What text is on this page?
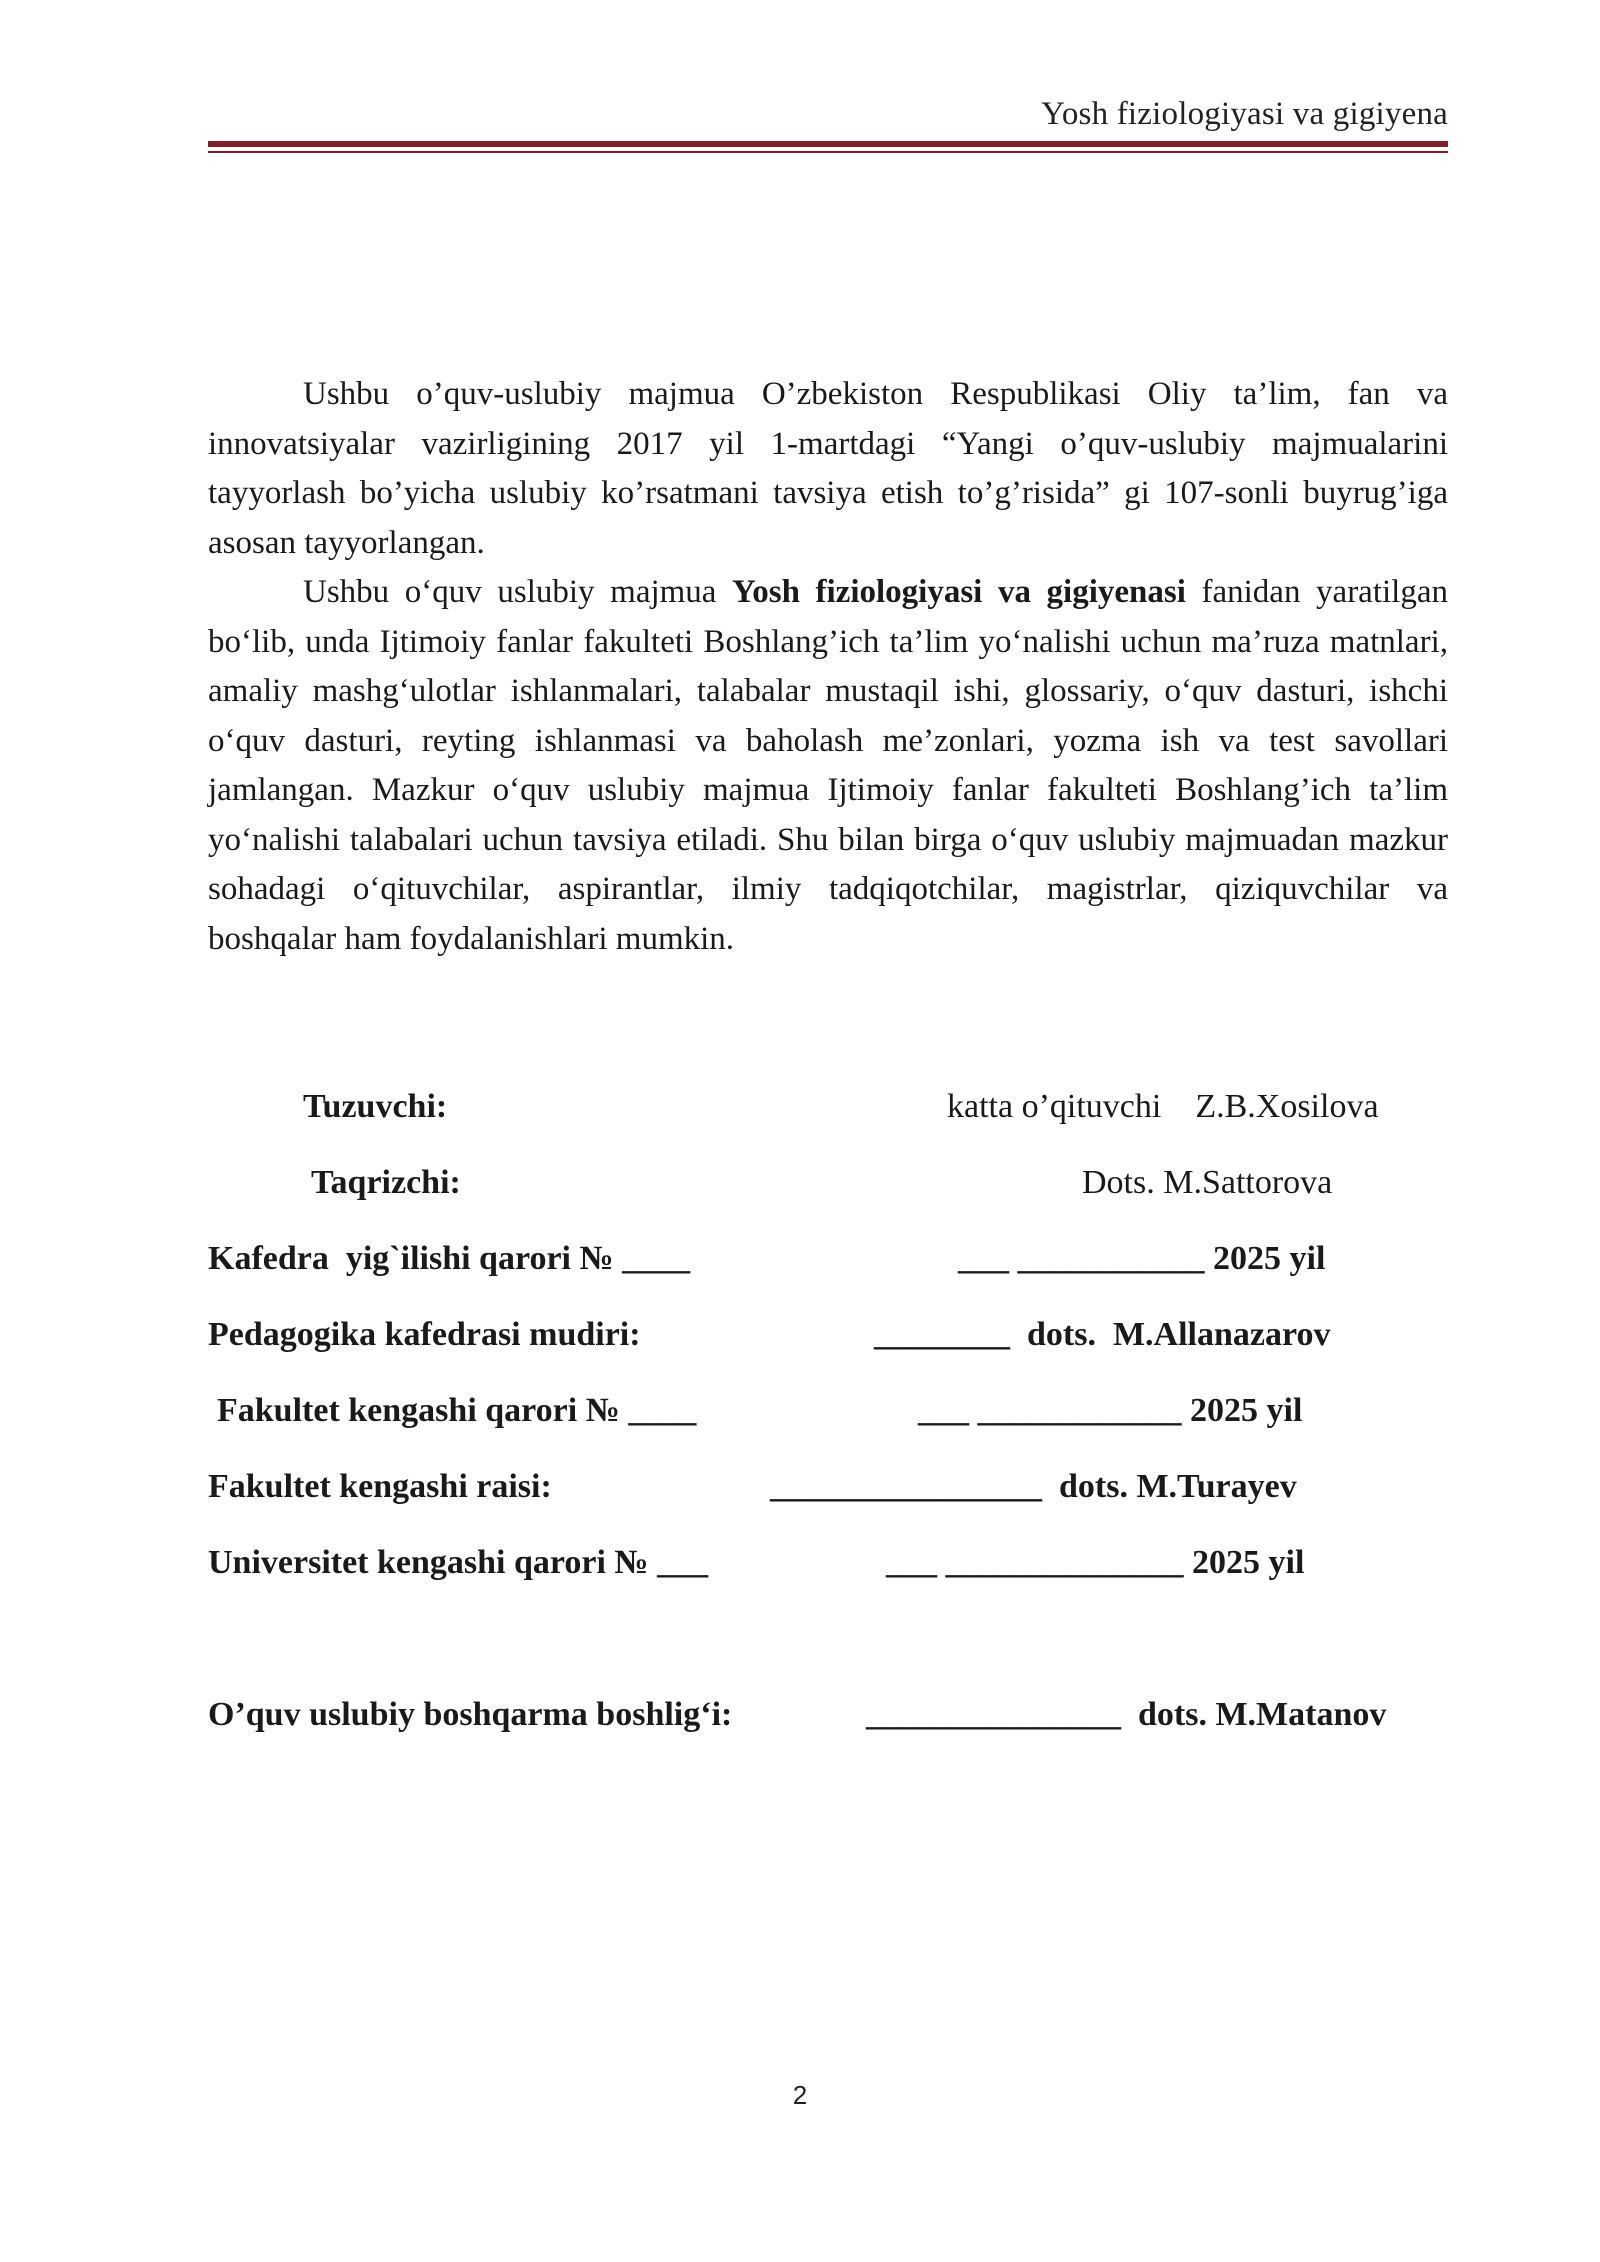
Yosh fiziologiyasi va gigiyena

Ushbu o’quv-uslubiy majmua O’zbekiston Respublikasi Oliy ta’lim, fan va innovatsiyalar vazirligining 2017 yil 1-martdagi “Yangi o’quv-uslubiy majmualarini tayyorlash bo’yicha uslubiy ko’rsatmani tavsiya etish to’g’risida” gi 107-sonli buyrug’iga asosan tayyorlangan.

Ushbu o‘quv uslubiy majmua Yosh fiziologiyasi va gigiyenasi fanidan yaratilgan bo‘lib, unda Ijtimoiy fanlar fakulteti Boshlang’ich ta’lim yo‘nalishi uchun ma’ruza matnlari, amaliy mashg‘ulotlar ishlanmalari, talabalar mustaqil ishi, glossariy, o‘quv dasturi, ishchi o‘quv dasturi, reyting ishlanmasi va baholash me’zonlari, yozma ish va test savollari jamlangan. Mazkur o‘quv uslubiy majmua Ijtimoiy fanlar fakulteti Boshlang’ich ta’lim yo‘nalishi talabalari uchun tavsiya etiladi. Shu bilan birga o‘quv uslubiy majmuadan mazkur sohadagi o‘qituvchilar, aspirantlar, ilmiy tadqiqotchilar, magistrlar, qiziquvchilar va boshqalar ham foydalanishlari mumkin.

Tuzuvchi:	katta o’qituvchi    Z.B.Xosilova
Taqrizchi:	Dots. M.Sattorova
Kafedra  yig`ilishi qarori № ____	___ ___________ 2025 yil
Pedagogika kafedrasi mudiri:	________  dots.  M.Allanazarov
Fakultet kengashi qarori № ____	___ ____________ 2025 yil
Fakultet kengashi raisi:	________________  dots. M.Turayev
Universitet kengashi qarori № ___	___ ______________ 2025 yil
O’quv uslubiy boshqarma boshlig‘i:	_______________  dots. M.Matanov
2
